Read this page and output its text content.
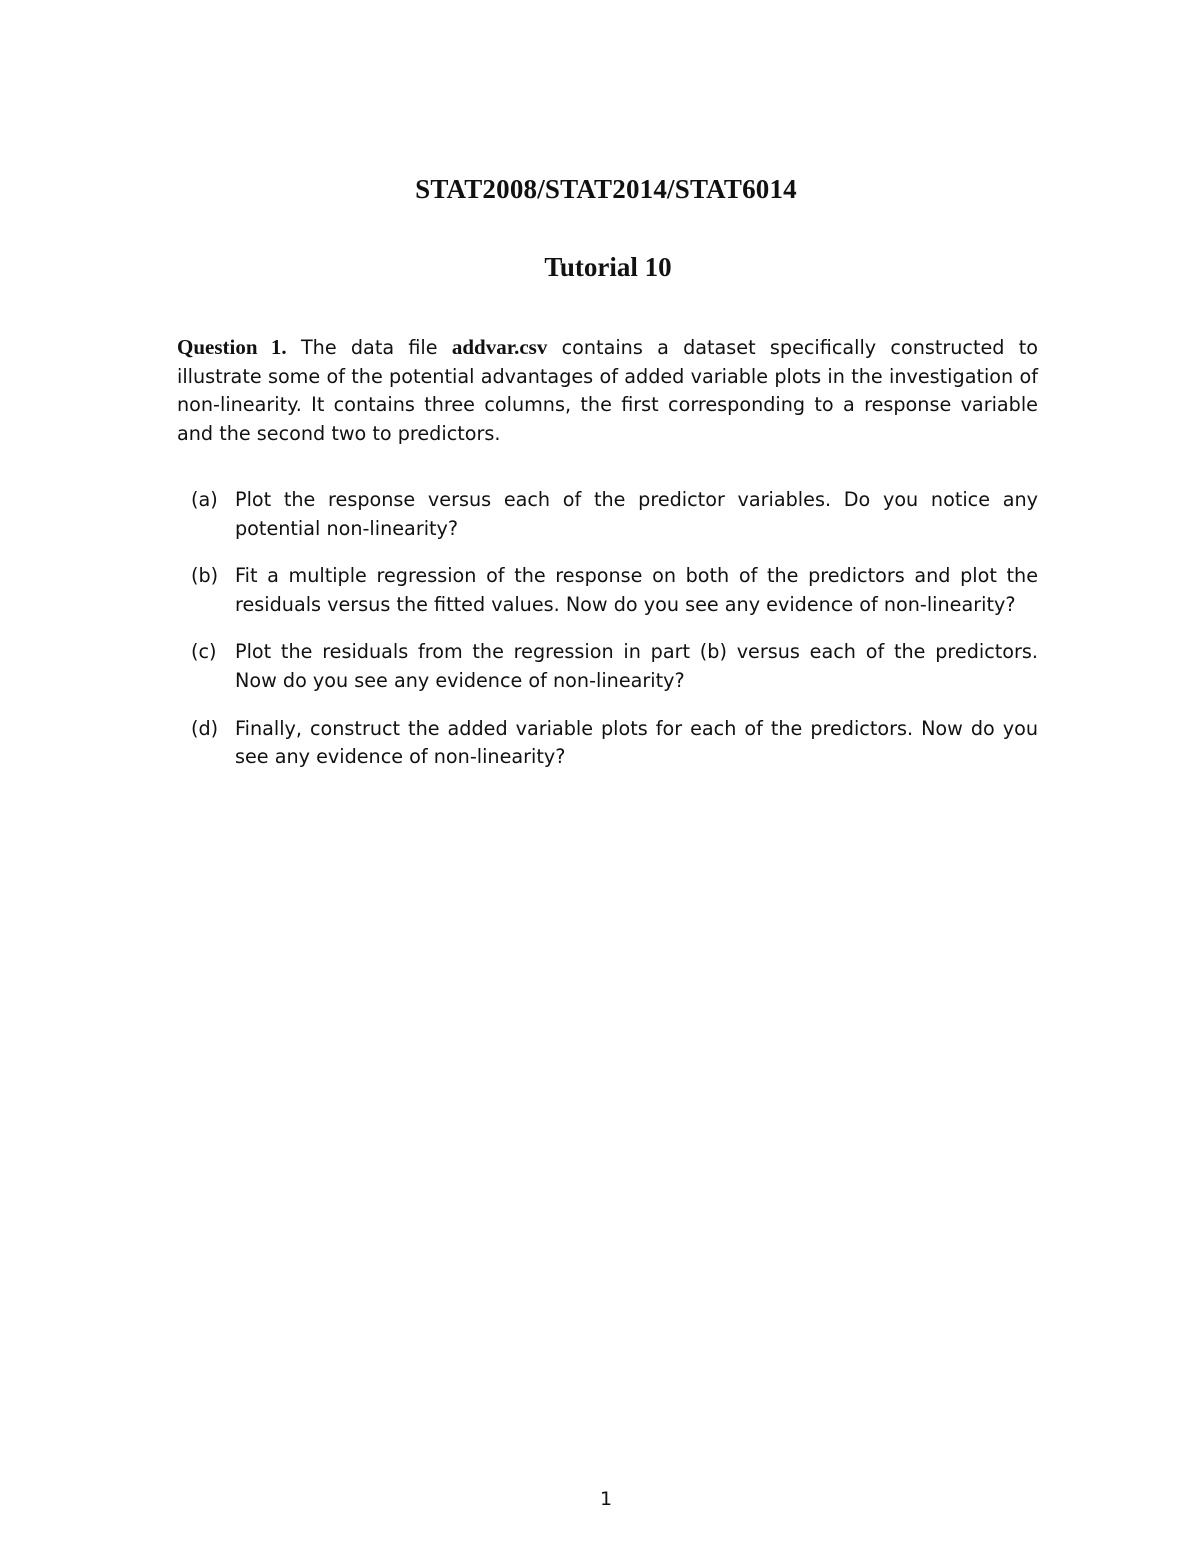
STAT2008/STAT2014/STAT6014
Tutorial 10

Question 1. The data file addvar.csv contains a dataset specifically constructed to illustrate some of the potential advantages of added variable plots in the investigation of non-linearity. It contains three columns, the first corresponding to a response variable and the second two to predictors.

(a) Plot the response versus each of the predictor variables. Do you notice any potential non-linearity?
(b) Fit a multiple regression of the response on both of the predictors and plot the residuals versus the fitted values. Now do you see any evidence of non-linearity?
(c) Plot the residuals from the regression in part (b) versus each of the predictors. Now do you see any evidence of non-linearity?
(d) Finally, construct the added variable plots for each of the predictors. Now do you see any evidence of non-linearity?
1
